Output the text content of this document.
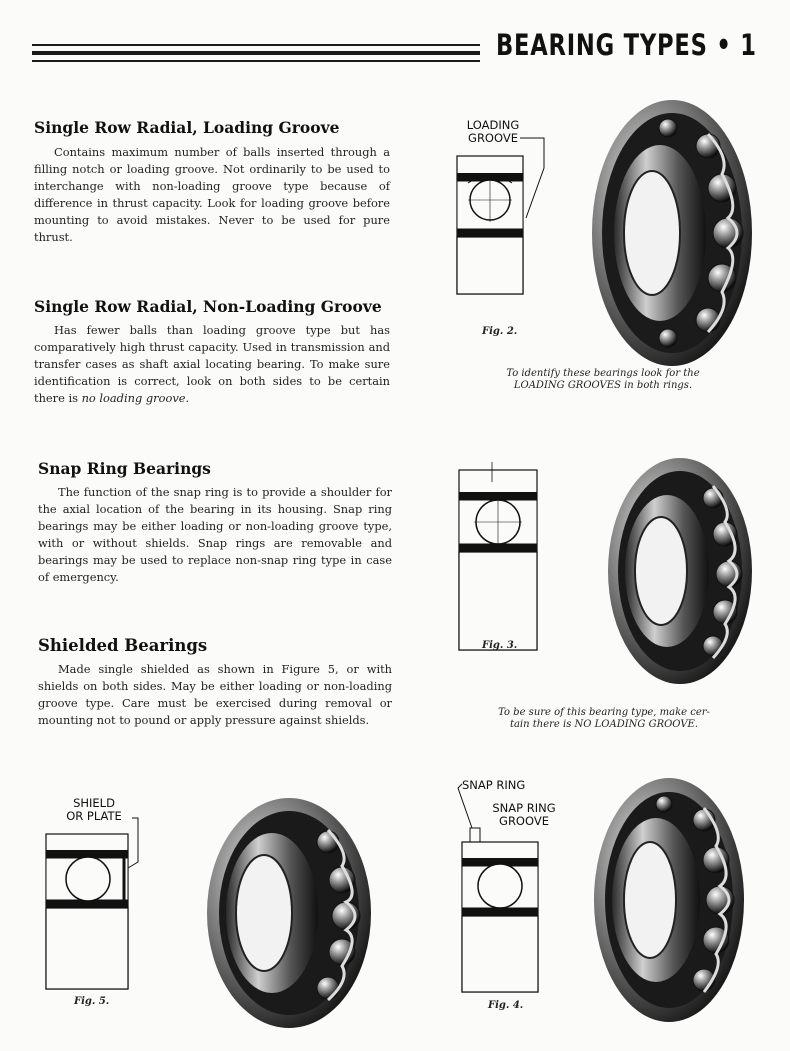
BEARING TYPES • 1
Single Row Radial, Loading Groove

Contains maximum number of balls inserted through a filling notch or loading groove. Not ordinarily to be used to interchange with non-loading groove type because of difference in thrust capacity. Look for loading groove before mounting to avoid mistakes. Never to be used for pure thrust.

Single Row Radial, Non-Loading Groove

Has fewer balls than loading groove type but has comparatively high thrust capacity. Used in transmission and transfer cases as shaft axial locating bearing. To make sure identification is correct, look on both sides to be certain there is no loading groove.

Snap Ring Bearings

The function of the snap ring is to provide a shoulder for the axial location of the bearing in its housing. Snap ring bearings may be either loading or non-loading groove type, with or without shields. Snap rings are removable and bearings may be used to replace non-snap ring type in case of emergency.

Shielded Bearings

Made single shielded as shown in Figure 5, or with shields on both sides. May be either loading or non-loading groove type. Care must be exercised during removal or mounting not to pound or apply pressure against shields.

LOADING
GROOVE
Fig. 2.
To identify these bearings look for the
LOADING GROOVES in both rings.
Fig. 3.
To be sure of this bearing type, make cer-
tain there is NO LOADING GROOVE.
SHIELD
OR PLATE
Fig. 5.
SNAP RING
SNAP RING
GROOVE
Fig. 4.
